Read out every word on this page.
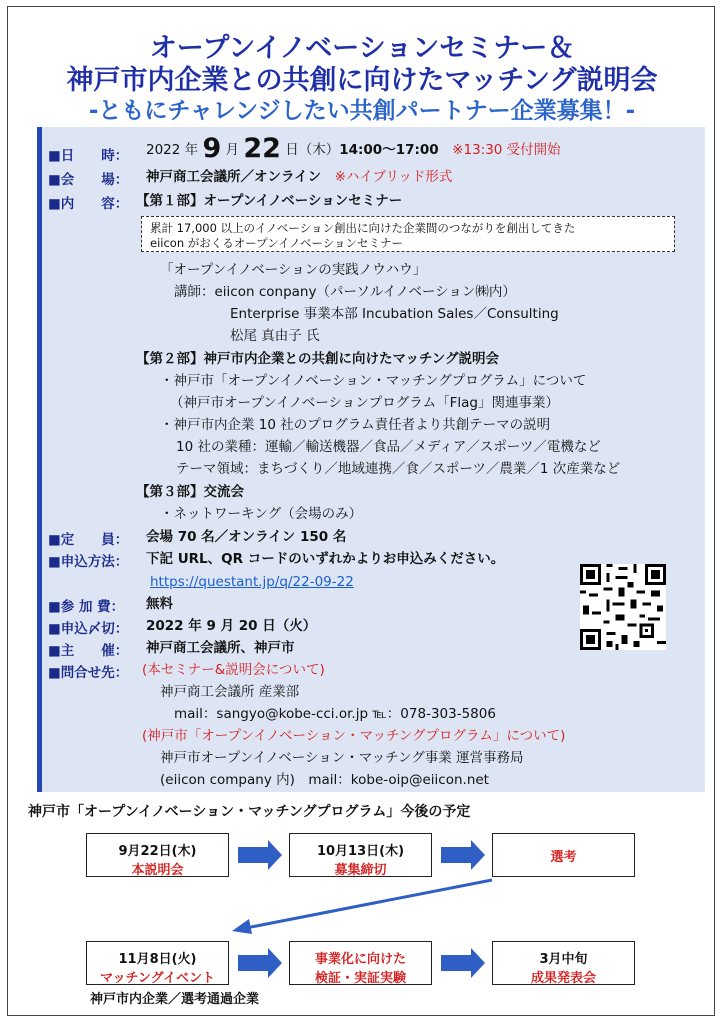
オープンイノベーションセミナー＆
神戸市内企業との共創に向けたマッチング説明会
-ともにチャレンジしたい共創パートナー企業募集！-
■日　　時： 2022 年 9 月 22 日（木）14:00～17:00　 ※13:30 受付開始
■会　　場： 神戸商工会議所／オンライン　 ※ハイブリッド形式
■内　　容： 【第１部】オープンイノベーションセミナー
累計 17,000 以上のイノベーション創出に向けた企業間のつながりを創出してきた
eiicon がおくるオープンイノベーションセミナー
「オープンイノベーションの実践ノウハウ」
講師：eiicon conpany（パーソルイノベーション㈱内）
Enterprise 事業本部 Incubation Sales／Consulting
松尾 真由子 氏
【第２部】神戸市内企業との共創に向けたマッチング説明会
・神戸市「オープンイノベーション・マッチングプログラム」について
（神戸市オープンイノベーションプログラム「Flag」関連事業）
・神戸市内企業 10 社のプログラム責任者より共創テーマの説明
10 社の業種：運輸／輸送機器／食品／メディア／スポーツ／電機など
テーマ領域：まちづくり／地域連携／食／スポーツ／農業／1 次産業など
【第３部】交流会
・ネットワーキング（会場のみ）
■定　　員： 会場 70 名／オンライン 150 名
■申込方法： 下記 URL、QR コードのいずれかよりお申込みください。
https://questant.jp/q/22-09-22
■参 加 費： 無料
■申込〆切： 2022 年 9 月 20 日（火）
■主　　催： 神戸商工会議所、神戸市
■問合せ先： (本セミナー&説明会について)
神戸商工会議所 産業部
mail：sangyo@kobe-cci.or.jp ℡：078-303-5806
(神戸市「オープンイノベーション・マッチングプログラム」について)
神戸市オープンイノベーション・マッチング事業 運営事務局
(eiicon company 内)　mail：kobe-oip@eiicon.net
神戸市「オープンイノベーション・マッチングプログラム」今後の予定
9月22日(木)
本説明会
10月13日(木)
募集締切
選考
11月8日(火)
マッチングイベント
事業化に向けた
検証・実証実験
3月中旬
成果発表会
神戸市内企業／選考通過企業
